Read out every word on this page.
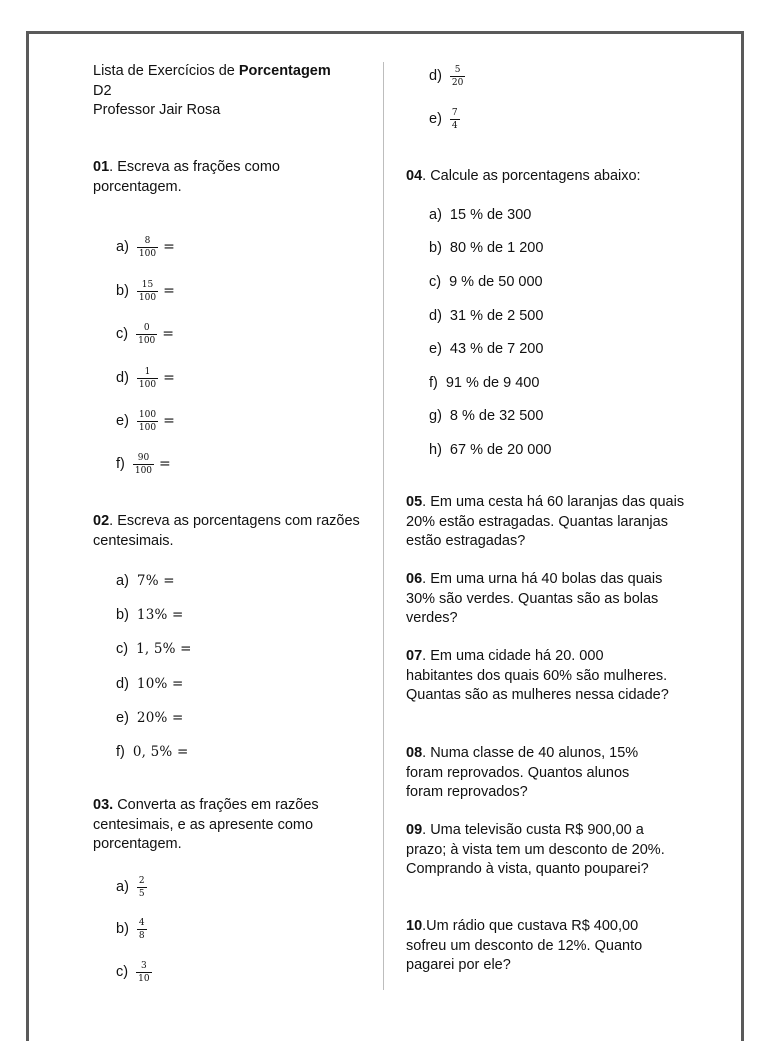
Lista de Exercícios de Porcentagem
D2
Professor Jair Rosa
01. Escreva as frações como porcentagem.
$a) \frac{8}{100}$ =
$b) \frac{15}{100}$ =
$c) \frac{0}{100}$ =
$d) \frac{1}{100}$ =
$e) \frac{100}{100}$ =
$f) \frac{90}{100}$ =
02. Escreva as porcentagens com razões centesimais.
a) 7% =
b) 13% =
c) 1, 5% =
d) 10% =
e) 20% =
f) 0, 5% =
03. Converta as frações em razões centesimais, e as apresente como porcentagem.
$a) \frac{2}{5}$
$b) \frac{4}{8}$
$c) \frac{3}{10}$
$d) \frac{5}{20}$
$e) \frac{7}{4}$
04. Calcule as porcentagens abaixo:
a) 15 % de 300
b) 80 % de 1 200
c) 9 % de 50 000
d) 31 % de 2 500
e) 43 % de 7 200
f) 91 % de 9 400
g) 8 % de 32 500
h) 67 % de 20 000
05. Em uma cesta há 60 laranjas das quais 20% estão estragadas. Quantas laranjas estão estragadas?
06. Em uma urna há 40 bolas das quais 30% são verdes. Quantas são as bolas verdes?
07. Em uma cidade há 20. 000 habitantes dos quais 60% são mulheres. Quantas são as mulheres nessa cidade?
08. Numa classe de 40 alunos, 15% foram reprovados. Quantos alunos foram reprovados?
09. Uma televisão custa R$ 900,00 a prazo; à vista tem um desconto de 20%. Comprando à vista, quanto pouparei?
10.Um rádio que custava R$ 400,00 sofreu um desconto de 12%. Quanto pagarei por ele?
